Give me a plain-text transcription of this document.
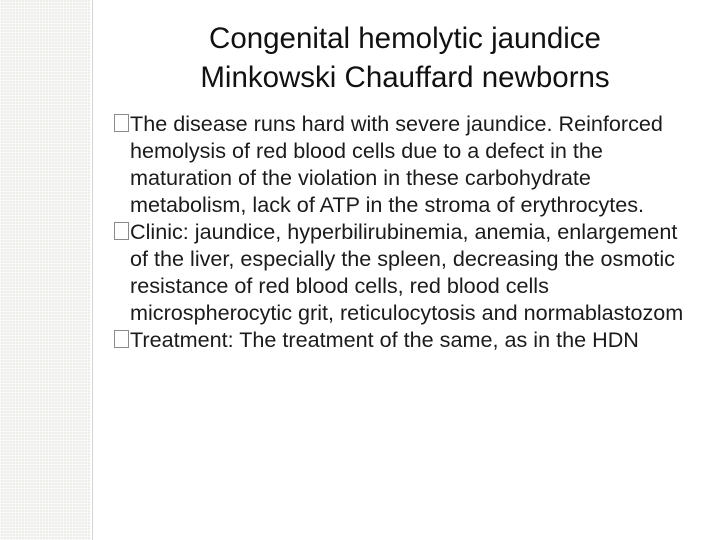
Congenital hemolytic jaundice
Minkowski Chauffard newborns
The disease runs hard with severe jaundice. Reinforced hemolysis of red blood cells due to a defect in the maturation of the violation in these carbohydrate metabolism, lack of ATP in the stroma of erythrocytes.
Clinic: jaundice, hyperbilirubinemia, anemia, enlargement of the liver, especially the spleen, decreasing the osmotic resistance of red blood cells, red blood cells microspherocytic grit, reticulocytosis and normablastozom
Treatment: The treatment of the same, as in the HDN
